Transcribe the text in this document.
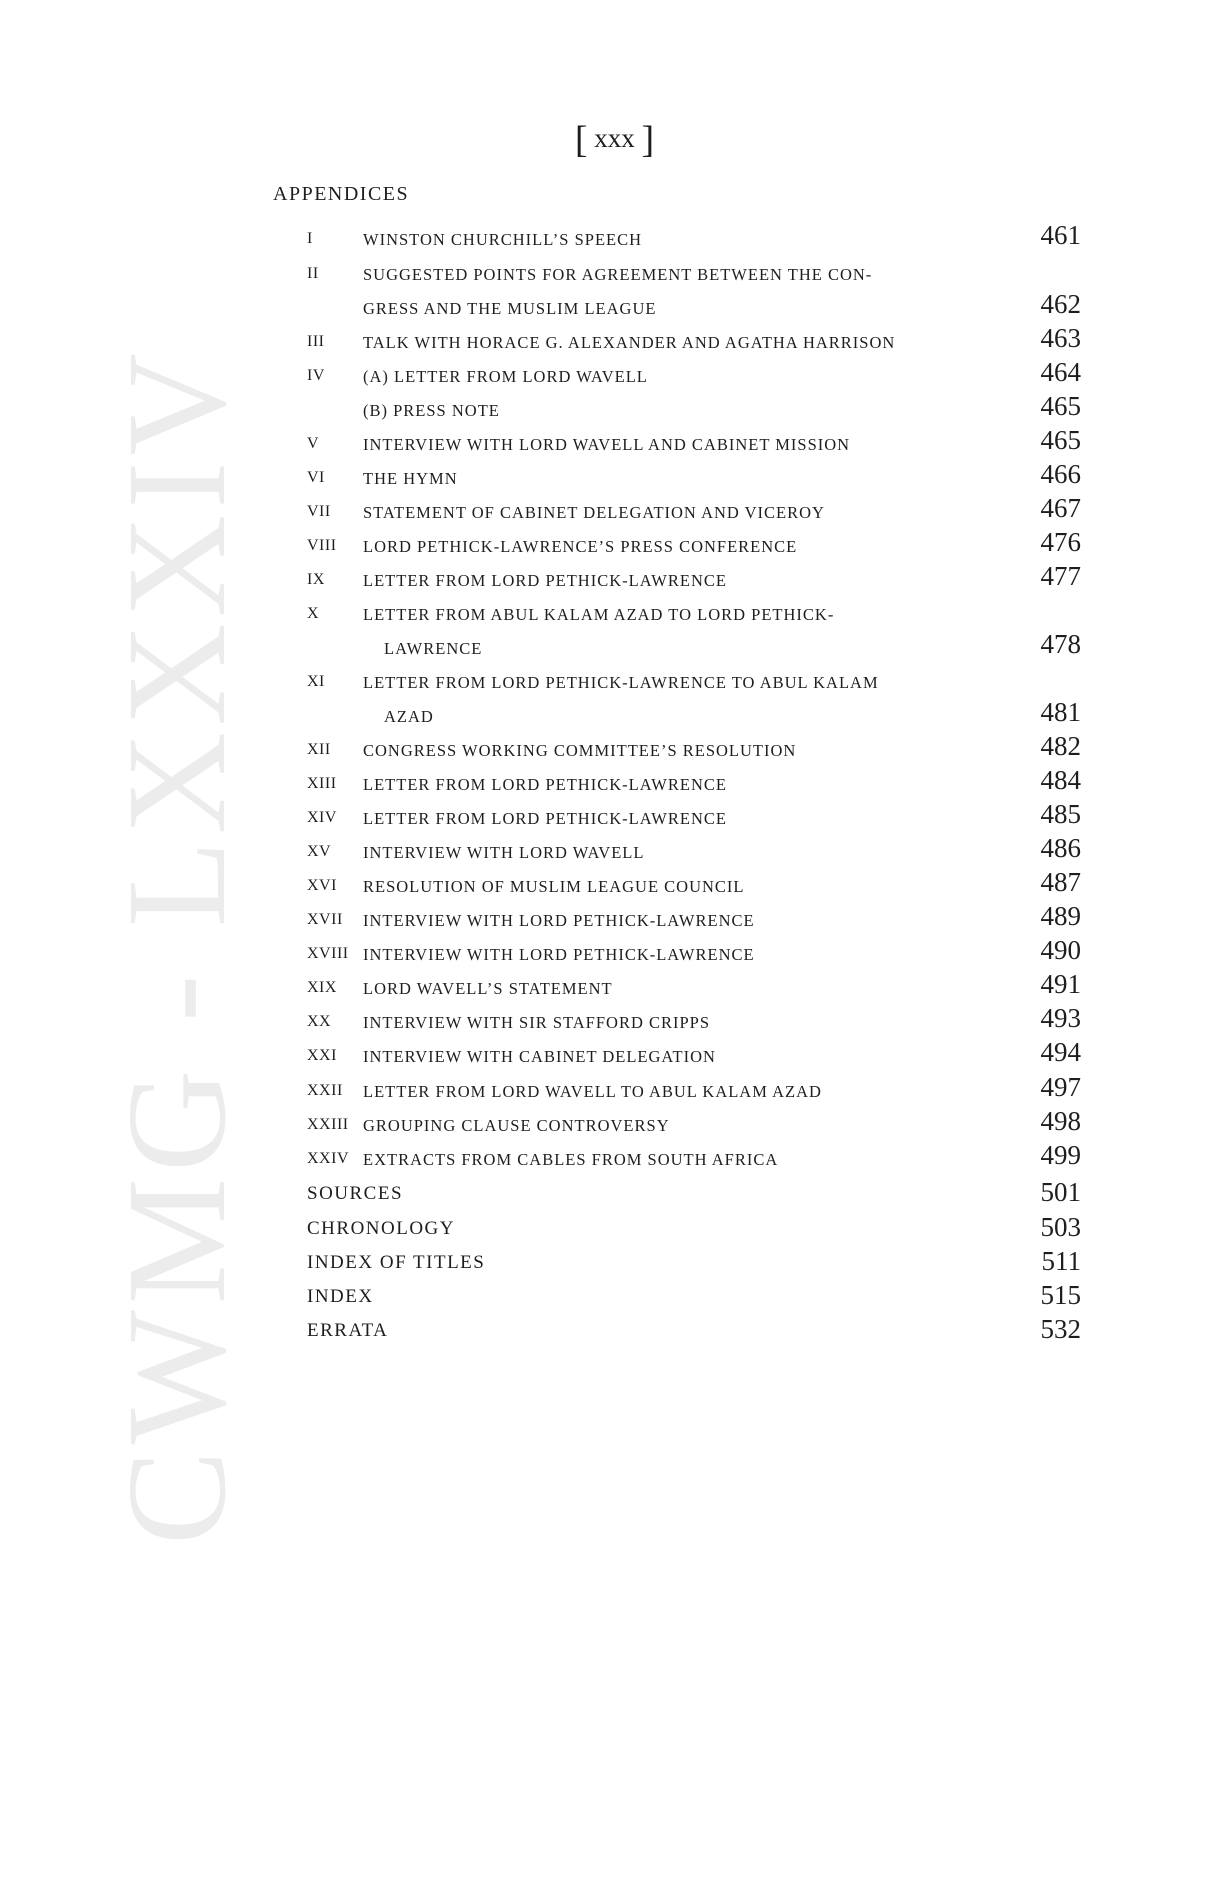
CWMG - LXXXIV
[ xxx ]
APPENDICES
I	WINSTON CHURCHILL’S SPEECH	461
II	SUGGESTED POINTS FOR AGREEMENT BETWEEN THE CON-
GRESS AND THE MUSLIM LEAGUE	462
III TALK WITH HORACE G. ALEXANDER AND AGATHA HARRISON	463
IV (A) LETTER FROM LORD WAVELL	464
(B) PRESS NOTE	465
V	INTERVIEW WITH LORD WAVELL AND CABINET MISSION	465
VI THE HYMN	466
VII STATEMENT OF CABINET DELEGATION AND VICEROY	467
VIII LORD PETHICK-LAWRENCE’S PRESS CONFERENCE	476
IX LETTER FROM LORD PETHICK-LAWRENCE	477
X	LETTER FROM ABUL KALAM AZAD TO LORD PETHICK-
LAWRENCE	478
XI LETTER FROM LORD PETHICK-LAWRENCE TO ABUL KALAM
AZAD	481
XII CONGRESS WORKING COMMITTEE’S RESOLUTION	482
XIII LETTER FROM LORD PETHICK-LAWRENCE	484
XIV LETTER FROM LORD PETHICK-LAWRENCE	485
XV INTERVIEW WITH LORD WAVELL	486
XVI RESOLUTION OF MUSLIM LEAGUE COUNCIL	487
XVII INTERVIEW WITH LORD PETHICK-LAWRENCE	489
XVIII INTERVIEW WITH LORD PETHICK-LAWRENCE	490
XIX LORD WAVELL’S STATEMENT	491
XX INTERVIEW WITH SIR STAFFORD CRIPPS	493
XXI INTERVIEW WITH CABINET DELEGATION	494
XXII LETTER FROM LORD WAVELL TO ABUL KALAM AZAD	497
XXIII GROUPING CLAUSE CONTROVERSY	498
XXIV EXTRACTS FROM CABLES FROM SOUTH AFRICA	499
SOURCES	501
CHRONOLOGY	503
INDEX OF TITLES	511
INDEX	515
ERRATA	532
